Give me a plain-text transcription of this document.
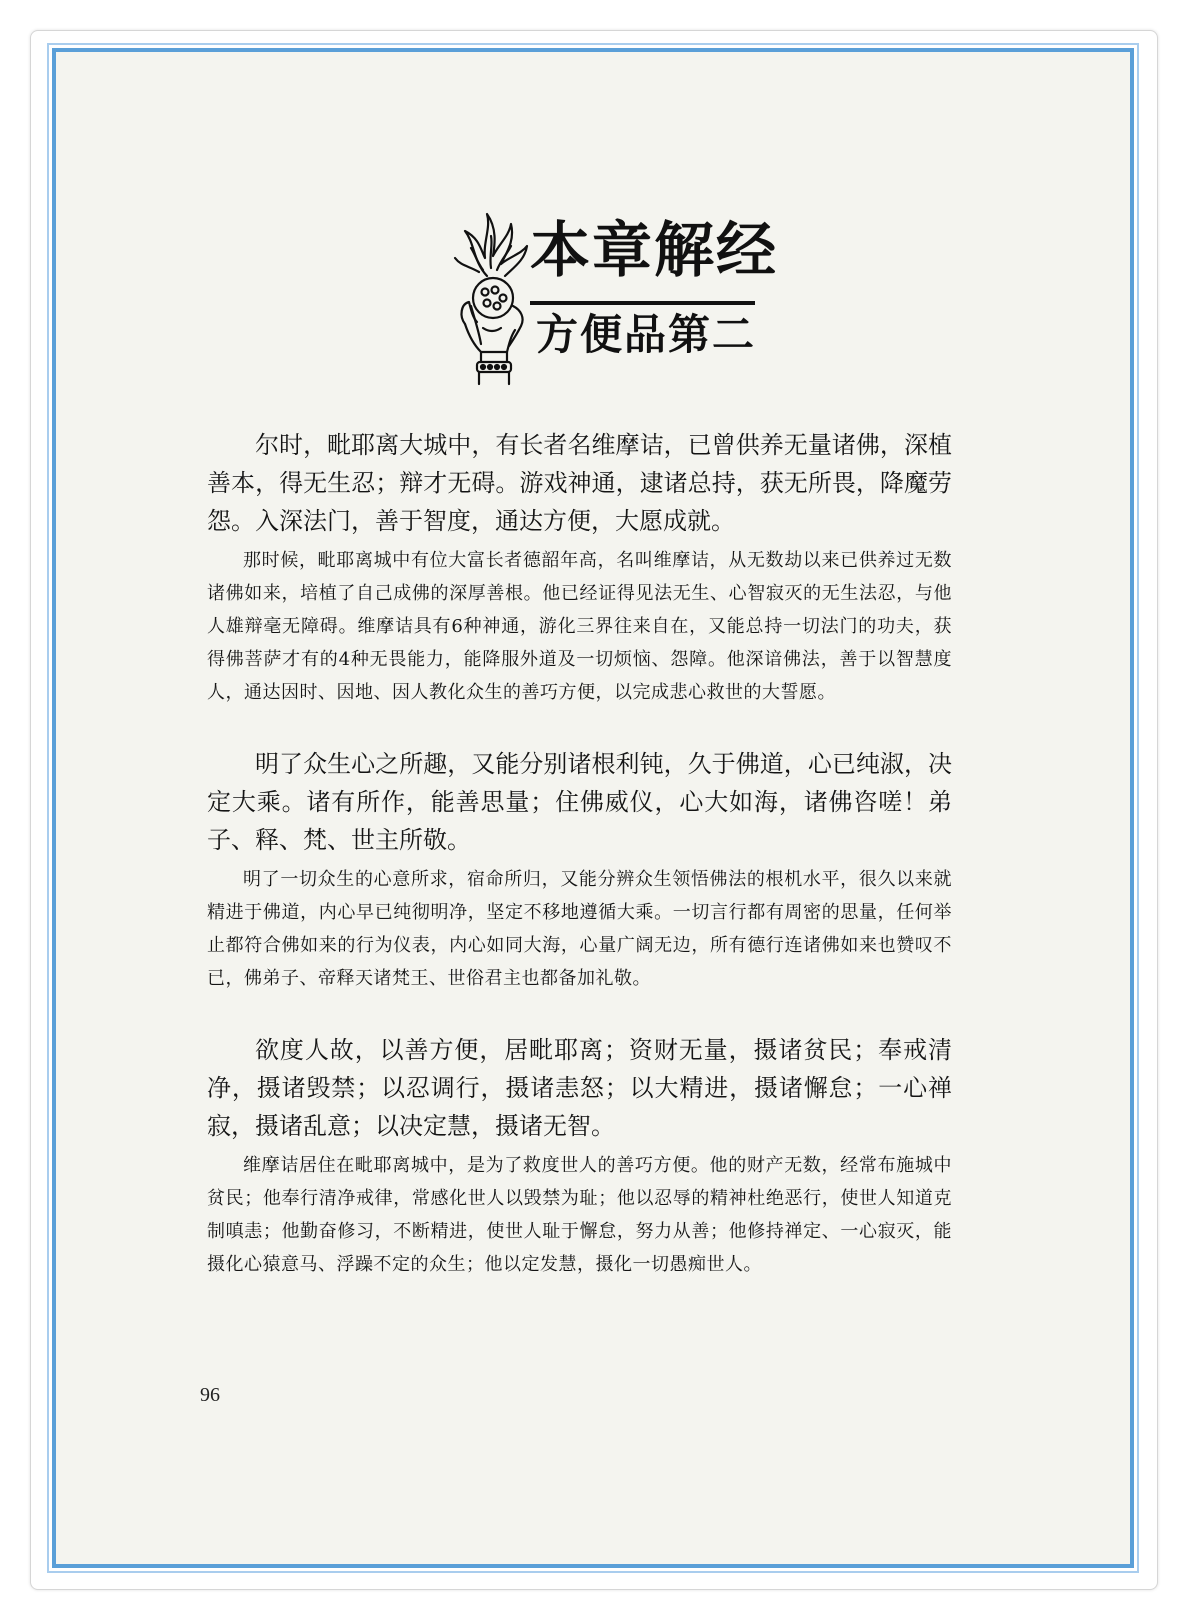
本章解经
方便品第二

尔时，毗耶离大城中，有长者名维摩诘，已曾供养无量诸佛，深植善本，得无生忍；辩才无碍。游戏神通，逮诸总持，获无所畏，降魔劳怨。入深法门，善于智度，通达方便，大愿成就。

那时候，毗耶离城中有位大富长者德韶年高，名叫维摩诘，从无数劫以来已供养过无数诸佛如来，培植了自己成佛的深厚善根。他已经证得见法无生、心智寂灭的无生法忍，与他人雄辩毫无障碍。维摩诘具有6种神通，游化三界往来自在，又能总持一切法门的功夫，获得佛菩萨才有的4种无畏能力，能降服外道及一切烦恼、怨障。他深谙佛法，善于以智慧度人，通达因时、因地、因人教化众生的善巧方便，以完成悲心救世的大誓愿。

明了众生心之所趣，又能分别诸根利钝，久于佛道，心已纯淑，决定大乘。诸有所作，能善思量；住佛威仪，心大如海，诸佛咨嗟！弟子、释、梵、世主所敬。

明了一切众生的心意所求，宿命所归，又能分辨众生领悟佛法的根机水平，很久以来就精进于佛道，内心早已纯彻明净，坚定不移地遵循大乘。一切言行都有周密的思量，任何举止都符合佛如来的行为仪表，内心如同大海，心量广阔无边，所有德行连诸佛如来也赞叹不已，佛弟子、帝释天诸梵王、世俗君主也都备加礼敬。

欲度人故，以善方便，居毗耶离；资财无量，摄诸贫民；奉戒清净，摄诸毁禁；以忍调行，摄诸恚怒；以大精进，摄诸懈怠；一心禅寂，摄诸乱意；以决定慧，摄诸无智。

维摩诘居住在毗耶离城中，是为了救度世人的善巧方便。他的财产无数，经常布施城中贫民；他奉行清净戒律，常感化世人以毁禁为耻；他以忍辱的精神杜绝恶行，使世人知道克制嗔恚；他勤奋修习，不断精进，使世人耻于懈怠，努力从善；他修持禅定、一心寂灭，能摄化心猿意马、浮躁不定的众生；他以定发慧，摄化一切愚痴世人。

96
